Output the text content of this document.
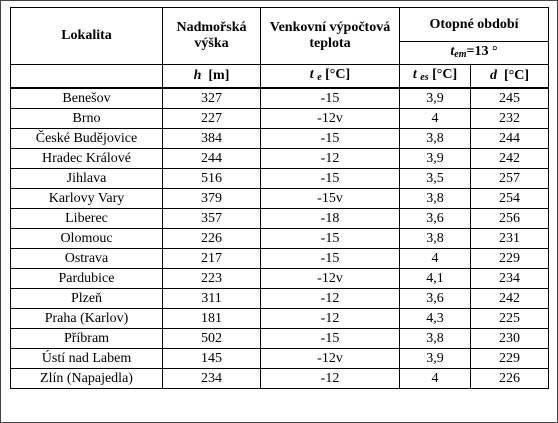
Lokalita	Nadmořská výška	Venkovní výpočtová teplota	Otopné období	
			$t_{em}=13$ °	
	h [m]	t $_e$ [°C]	t $_{es}$ [°C]	d [°C]
Benešov	327	-15	3,9	245
Brno	227	-12v	4	232
České Budějovice	384	-15	3,8	244
Hradec Králové	244	-12	3,9	242
Jihlava	516	-15	3,5	257
Karlovy Vary	379	-15v	3,8	254
Liberec	357	-18	3,6	256
Olomouc	226	-15	3,8	231
Ostrava	217	-15	4	229
Pardubice	223	-12v	4,1	234
Plzeň	311	-12	3,6	242
Praha (Karlov)	181	-12	4,3	225
Příbram	502	-15	3,8	230
Ústí nad Labem	145	-12v	3,9	229
Zlín (Napajedla)	234	-12	4	226
